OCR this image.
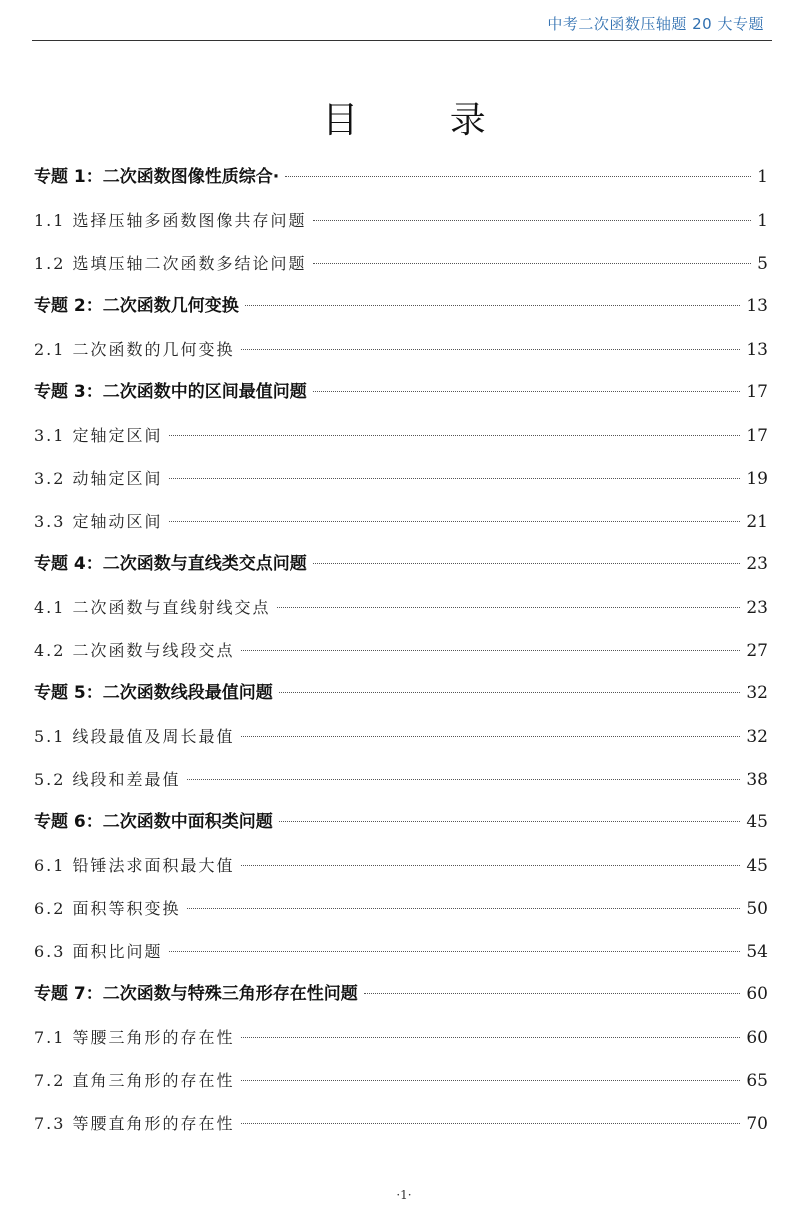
中考二次函数压轴题 20 大专题
目 录
专题 1：二次函数图像性质综合·	1
1.1 选择压轴多函数图像共存问题	1
1.2 选填压轴二次函数多结论问题	5
专题 2：二次函数几何变换	13
2.1 二次函数的几何变换	13
专题 3：二次函数中的区间最值问题	17
3.1 定轴定区间	17
3.2 动轴定区间	19
3.3 定轴动区间	21
专题 4：二次函数与直线类交点问题	23
4.1 二次函数与直线射线交点	23
4.2 二次函数与线段交点	27
专题 5：二次函数线段最值问题	32
5.1 线段最值及周长最值	32
5.2 线段和差最值	38
专题 6：二次函数中面积类问题	45
6.1 铅锤法求面积最大值	45
6.2 面积等积变换	50
6.3 面积比问题	54
专题 7：二次函数与特殊三角形存在性问题	60
7.1 等腰三角形的存在性	60
7.2 直角三角形的存在性	65
7.3 等腰直角形的存在性	70
·1·
